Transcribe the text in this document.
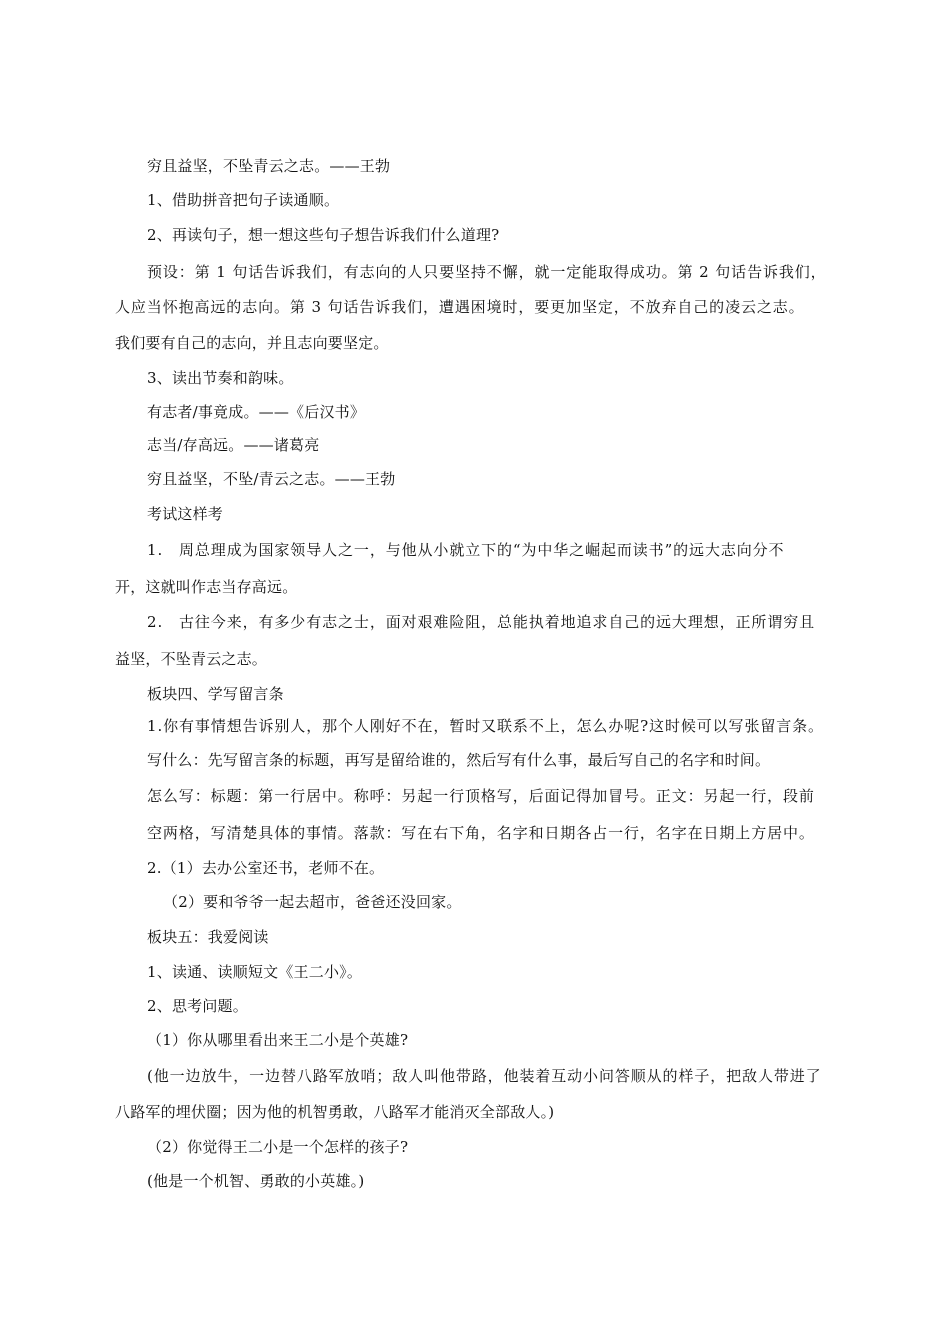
穷且益坚，不坠青云之志。——王勃
1、借助拼音把句子读通顺。
2、再读句子，想一想这些句子想告诉我们什么道理?
预设：第 1 句话告诉我们，有志向的人只要坚持不懈，就一定能取得成功。第 2 句话告诉我们，
人应当怀抱高远的志向。第 3 句话告诉我们，遭遇困境时，要更加坚定，不放弃自己的凌云之志。
我们要有自己的志向，并且志向要坚定。
3、读出节奏和韵味。
有志者/事竟成。——《后汉书》
志当/存高远。——诸葛亮
穷且益坚，不坠/青云之志。——王勃
考试这样考
1.　周总理成为国家领导人之一，与他从小就立下的“为中华之崛起而读书”的远大志向分不
开，这就叫作志当存高远。
2.　古往今来，有多少有志之士，面对艰难险阻，总能执着地追求自己的远大理想，正所谓穷且
益坚，不坠青云之志。
板块四、学写留言条
1.你有事情想告诉别人，那个人刚好不在，暂时又联系不上，怎么办呢?这时候可以写张留言条。
写什么：先写留言条的标题，再写是留给谁的，然后写有什么事，最后写自己的名字和时间。
怎么写：标题：第一行居中。称呼：另起一行顶格写，后面记得加冒号。正文：另起一行，段前
空两格，写清楚具体的事情。落款：写在右下角，名字和日期各占一行，名字在日期上方居中。
2.（1）去办公室还书，老师不在。
（2）要和爷爷一起去超市，爸爸还没回家。
板块五：我爱阅读
1、读通、读顺短文《王二小》。
2、思考问题。
（1）你从哪里看出来王二小是个英雄?
(他一边放牛，一边替八路军放哨；敌人叫他带路，他装着互动小问答顺从的样子，把敌人带进了
八路军的埋伏圈；因为他的机智勇敢，八路军才能消灭全部敌人。)
（2）你觉得王二小是一个怎样的孩子?
(他是一个机智、勇敢的小英雄。)
